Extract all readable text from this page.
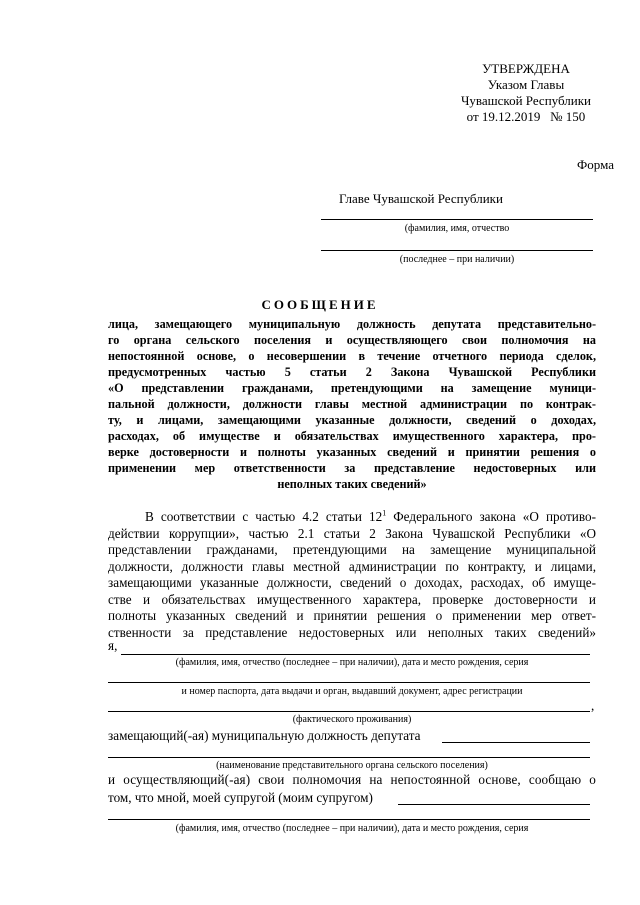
УТВЕРЖДЕНА
Указом Главы
Чувашской Республики
от 19.12.2019   № 150
Форма
Главе Чувашской Республики
(фамилия, имя, отчество
(последнее – при наличии)
СООБЩЕНИЕ
лица, замещающего муниципальную должность депутата представительно-
го органа сельского поселения и осуществляющего свои полномочия на
непостоянной основе, о несовершении в течение отчетного периода сделок,
предусмотренных частью 5 статьи 2 Закона Чувашской Республики
«О представлении гражданами, претендующими на замещение муници-
пальной должности, должности главы местной администрации по контрак-
ту, и лицами, замещающими указанные должности, сведений о доходах,
расходах, об имуществе и обязательствах имущественного характера, про-
верке достоверности и полноты указанных сведений и принятии решения о
применении мер ответственности за представление недостоверных или
неполных таких сведений»
В соответствии с частью 4.2 статьи $12^1$ Федерального закона «О противо-
действии коррупции», частью 2.1 статьи 2 Закона Чувашской Республики «О
представлении гражданами, претендующими на замещение муниципальной
должности, должности главы местной администрации по контракту, и лицами,
замещающими указанные должности, сведений о доходах, расходах, об имуще-
стве и обязательствах имущественного характера, проверке достоверности и
полноты указанных сведений и принятии решения о применении мер ответ-
ственности за представление недостоверных или неполных таких сведений»
я,
(фамилия, имя, отчество (последнее – при наличии), дата и место рождения, серия
и номер паспорта, дата выдачи и орган, выдавший документ, адрес регистрации
,
(фактического проживания)
замещающий(-ая) муниципальную должность депутата
(наименование представительного органа сельского поселения)
и осуществляющий(-ая) свои полномочия на непостоянной основе, сообщаю о
том, что мной, моей супругой (моим супругом)
(фамилия, имя, отчество (последнее – при наличии), дата и место рождения, серия
